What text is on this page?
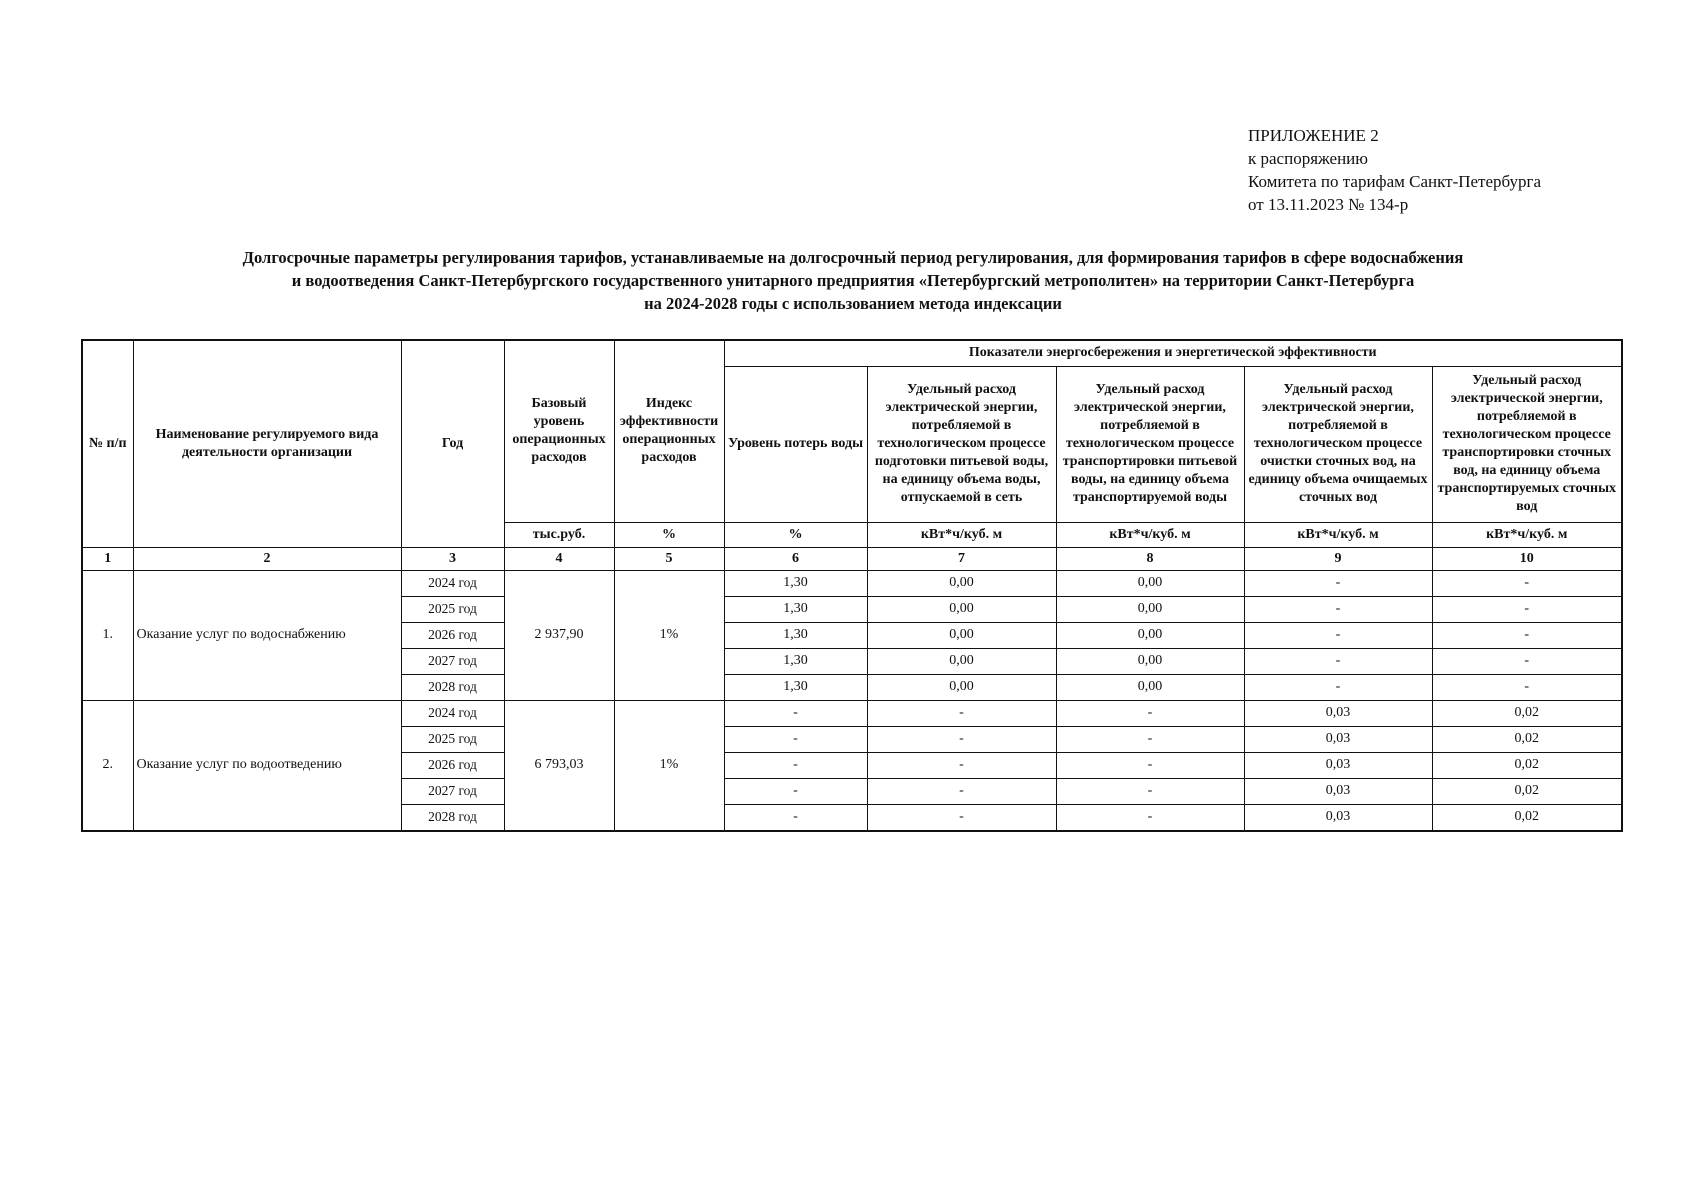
ПРИЛОЖЕНИЕ 2
к распоряжению
Комитета по тарифам Санкт-Петербурга
от 13.11.2023 № 134-р
Долгосрочные параметры регулирования тарифов, устанавливаемые на долгосрочный период регулирования, для формирования тарифов в сфере водоснабжения
и водоотведения Санкт-Петербургского государственного унитарного предприятия «Петербургский метрополитен» на территории Санкт-Петербурга
на 2024-2028 годы с использованием метода индексации
№ п/п	Наименование регулируемого вида деятельности организации	Год	Базовый уровень операционных расходов	Индекс эффективности операционных расходов	Показатели энергосбережения и энергетической эффективности				
					Уровень потерь воды	Удельный расход электрической энергии, потребляемой в технологическом процессе подготовки питьевой воды, на единицу объема воды, отпускаемой в сеть	Удельный расход электрической энергии, потребляемой в технологическом процессе транспортировки питьевой воды, на единицу объема транспортируемой воды	Удельный расход электрической энергии, потребляемой в технологическом процессе очистки сточных вод, на единицу объема очищаемых сточных вод	Удельный расход электрической энергии, потребляемой в технологическом процессе транспортировки сточных вод, на единицу объема транспортируемых сточных вод
			тыс.руб.	%	%	кВт*ч/куб. м	кВт*ч/куб. м	кВт*ч/куб. м	кВт*ч/куб. м
1	2	3	4	5	6	7	8	9	10
1.	Оказание услуг по водоснабжению	2024 год	2 937,90	1%	1,30	0,00	0,00	-	-
		2025 год			1,30	0,00	0,00	-	-
		2026 год			1,30	0,00	0,00	-	-
		2027 год			1,30	0,00	0,00	-	-
		2028 год			1,30	0,00	0,00	-	-
2.	Оказание услуг по водоотведению	2024 год	6 793,03	1%	-	-	-	0,03	0,02
		2025 год			-	-	-	0,03	0,02
		2026 год			-	-	-	0,03	0,02
		2027 год			-	-	-	0,03	0,02
		2028 год			-	-	-	0,03	0,02
